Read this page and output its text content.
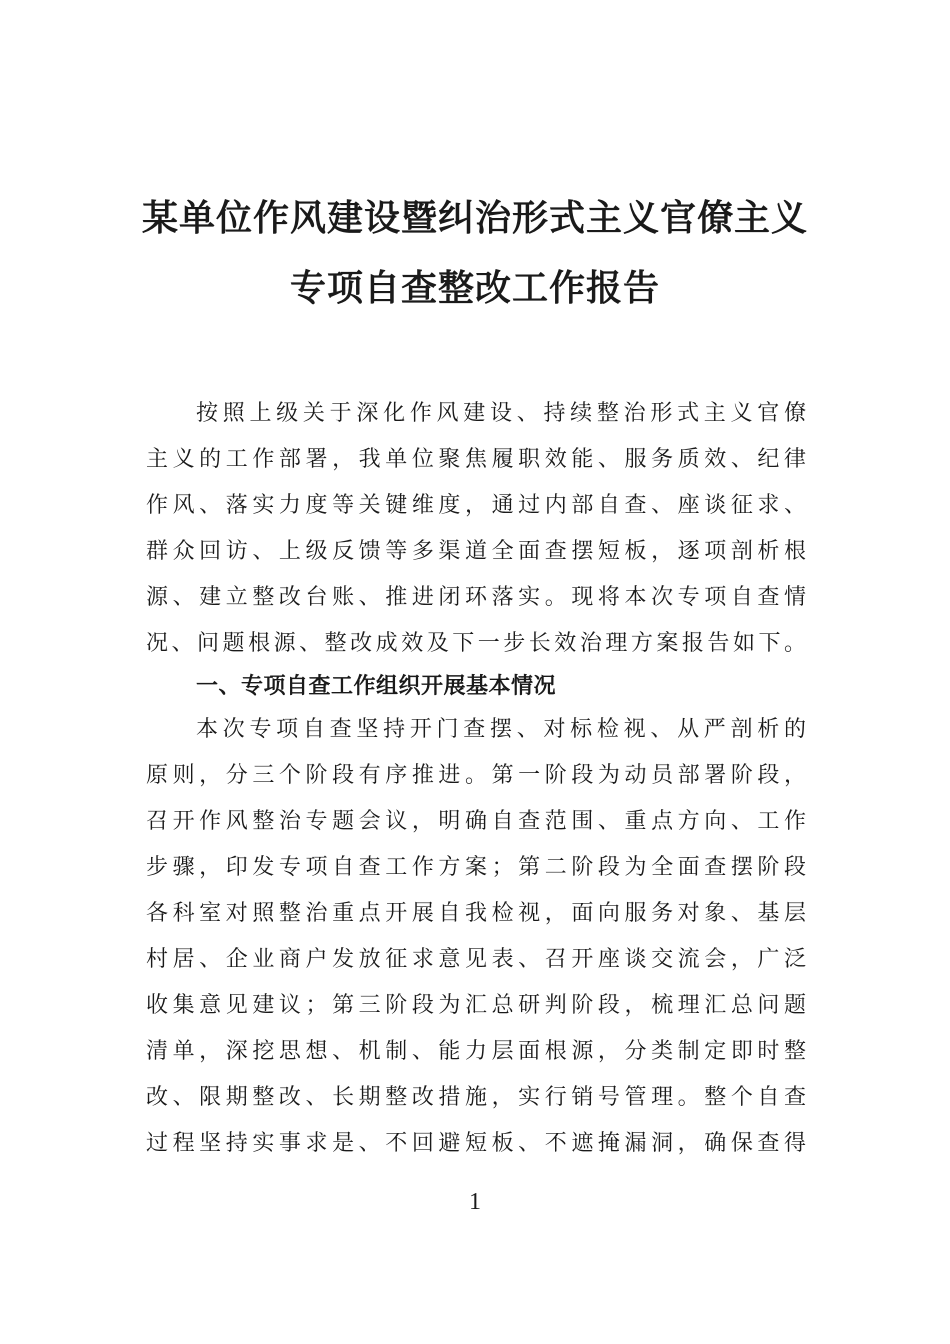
某单位作风建设暨纠治形式主义官僚主义
专项自查整改工作报告
按照上级关于深化作风建设、持续整治形式主义官僚
主义的工作部署，我单位聚焦履职效能、服务质效、纪律
作风、落实力度等关键维度，通过内部自查、座谈征求、
群众回访、上级反馈等多渠道全面查摆短板，逐项剖析根
源、建立整改台账、推进闭环落实。现将本次专项自查情
况、问题根源、整改成效及下一步长效治理方案报告如下。
一、专项自查工作组织开展基本情况
本次专项自查坚持开门查摆、对标检视、从严剖析的
原则，分三个阶段有序推进。第一阶段为动员部署阶段，
召开作风整治专题会议，明确自查范围、重点方向、工作
步骤，印发专项自查工作方案；第二阶段为全面查摆阶段
各科室对照整治重点开展自我检视，面向服务对象、基层
村居、企业商户发放征求意见表、召开座谈交流会，广泛
收集意见建议；第三阶段为汇总研判阶段，梳理汇总问题
清单，深挖思想、机制、能力层面根源，分类制定即时整
改、限期整改、长期整改措施，实行销号管理。整个自查
过程坚持实事求是、不回避短板、不遮掩漏洞，确保查得
1
